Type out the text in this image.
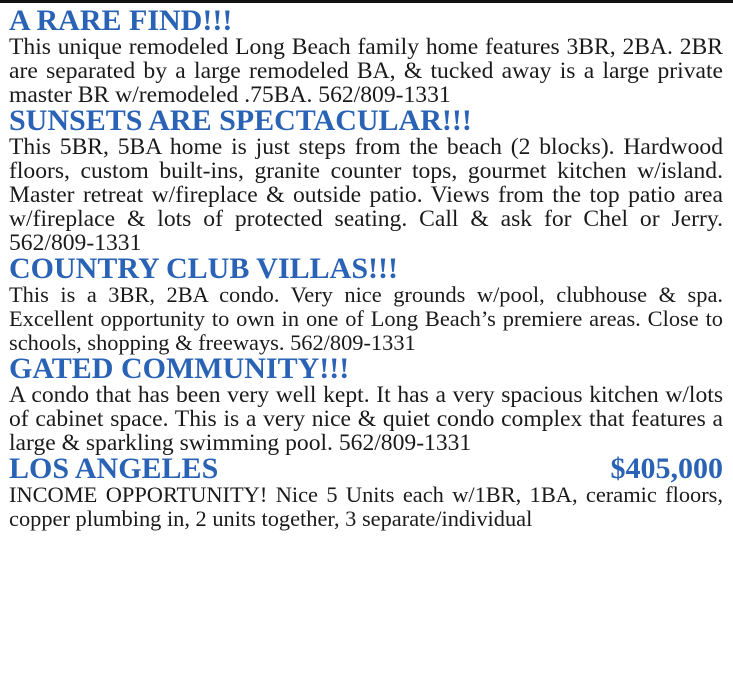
A RARE FIND!!!

This unique remodeled Long Beach family home features 3BR, 2BA. 2BR are separated by a large remodeled BA, & tucked away is a large private master BR w/remodeled .75BA. 562/809-1331

SUNSETS ARE SPECTACULAR!!!

This 5BR, 5BA home is just steps from the beach (2 blocks). Hardwood floors, custom built-ins, granite counter tops, gourmet kitchen w/island. Master retreat w/fireplace & outside patio. Views from the top patio area w/fireplace & lots of protected seating. Call & ask for Chel or Jerry. 562/809-1331

COUNTRY CLUB VILLAS!!!

This is a 3BR, 2BA condo. Very nice grounds w/pool, clubhouse & spa. Excellent opportunity to own in one of Long Beach’s premiere areas. Close to schools, shopping & freeways. 562/809-1331

GATED COMMUNITY!!!

A condo that has been very well kept. It has a very spacious kitchen w/lots of cabinet space. This is a very nice & quiet condo complex that features a large & sparkling swimming pool. 562/809-1331

LOS ANGELES	$405,000

INCOME OPPORTUNITY! Nice 5 Units each w/1BR, 1BA, ceramic floors, copper plumbing in, 2 units together, 3 separate/individual
